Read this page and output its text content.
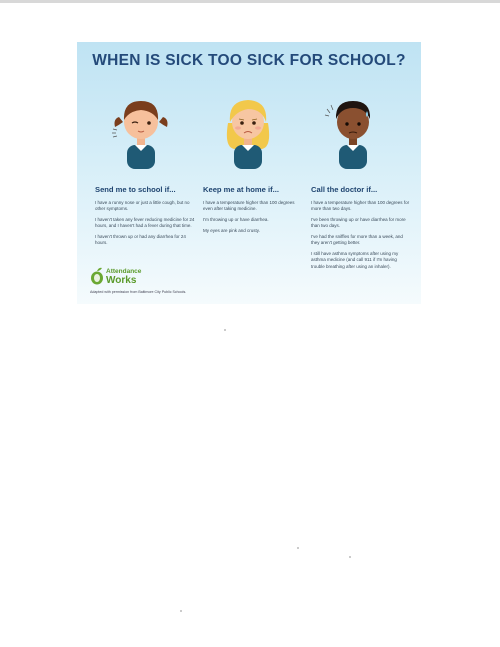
WHEN IS SICK TOO SICK FOR SCHOOL?
Send me to school if...

I have a runny nose or just a little cough, but no other symptoms.

I haven't taken any fever reducing medicine for 24 hours, and I haven't had a fever during that time.

I haven't thrown up or had any diarrhea for 24 hours.

Keep me at home if...

I have a temperature higher than 100 degrees even after taking medicine.

I'm throwing up or have diarrhea.

My eyes are pink and crusty.

Call the doctor if...

I have a temperature higher than 100 degrees for more than two days.

I've been throwing up or have diarrhea for more than two days.

I've had the sniffles for more than a week, and they aren't getting better.

I still have asthma symptoms after using my asthma medicine (and call 911 if I'm having trouble breathing after using an inhaler).

Attendance
Works
Adapted with permission from Baltimore City Public Schools.
